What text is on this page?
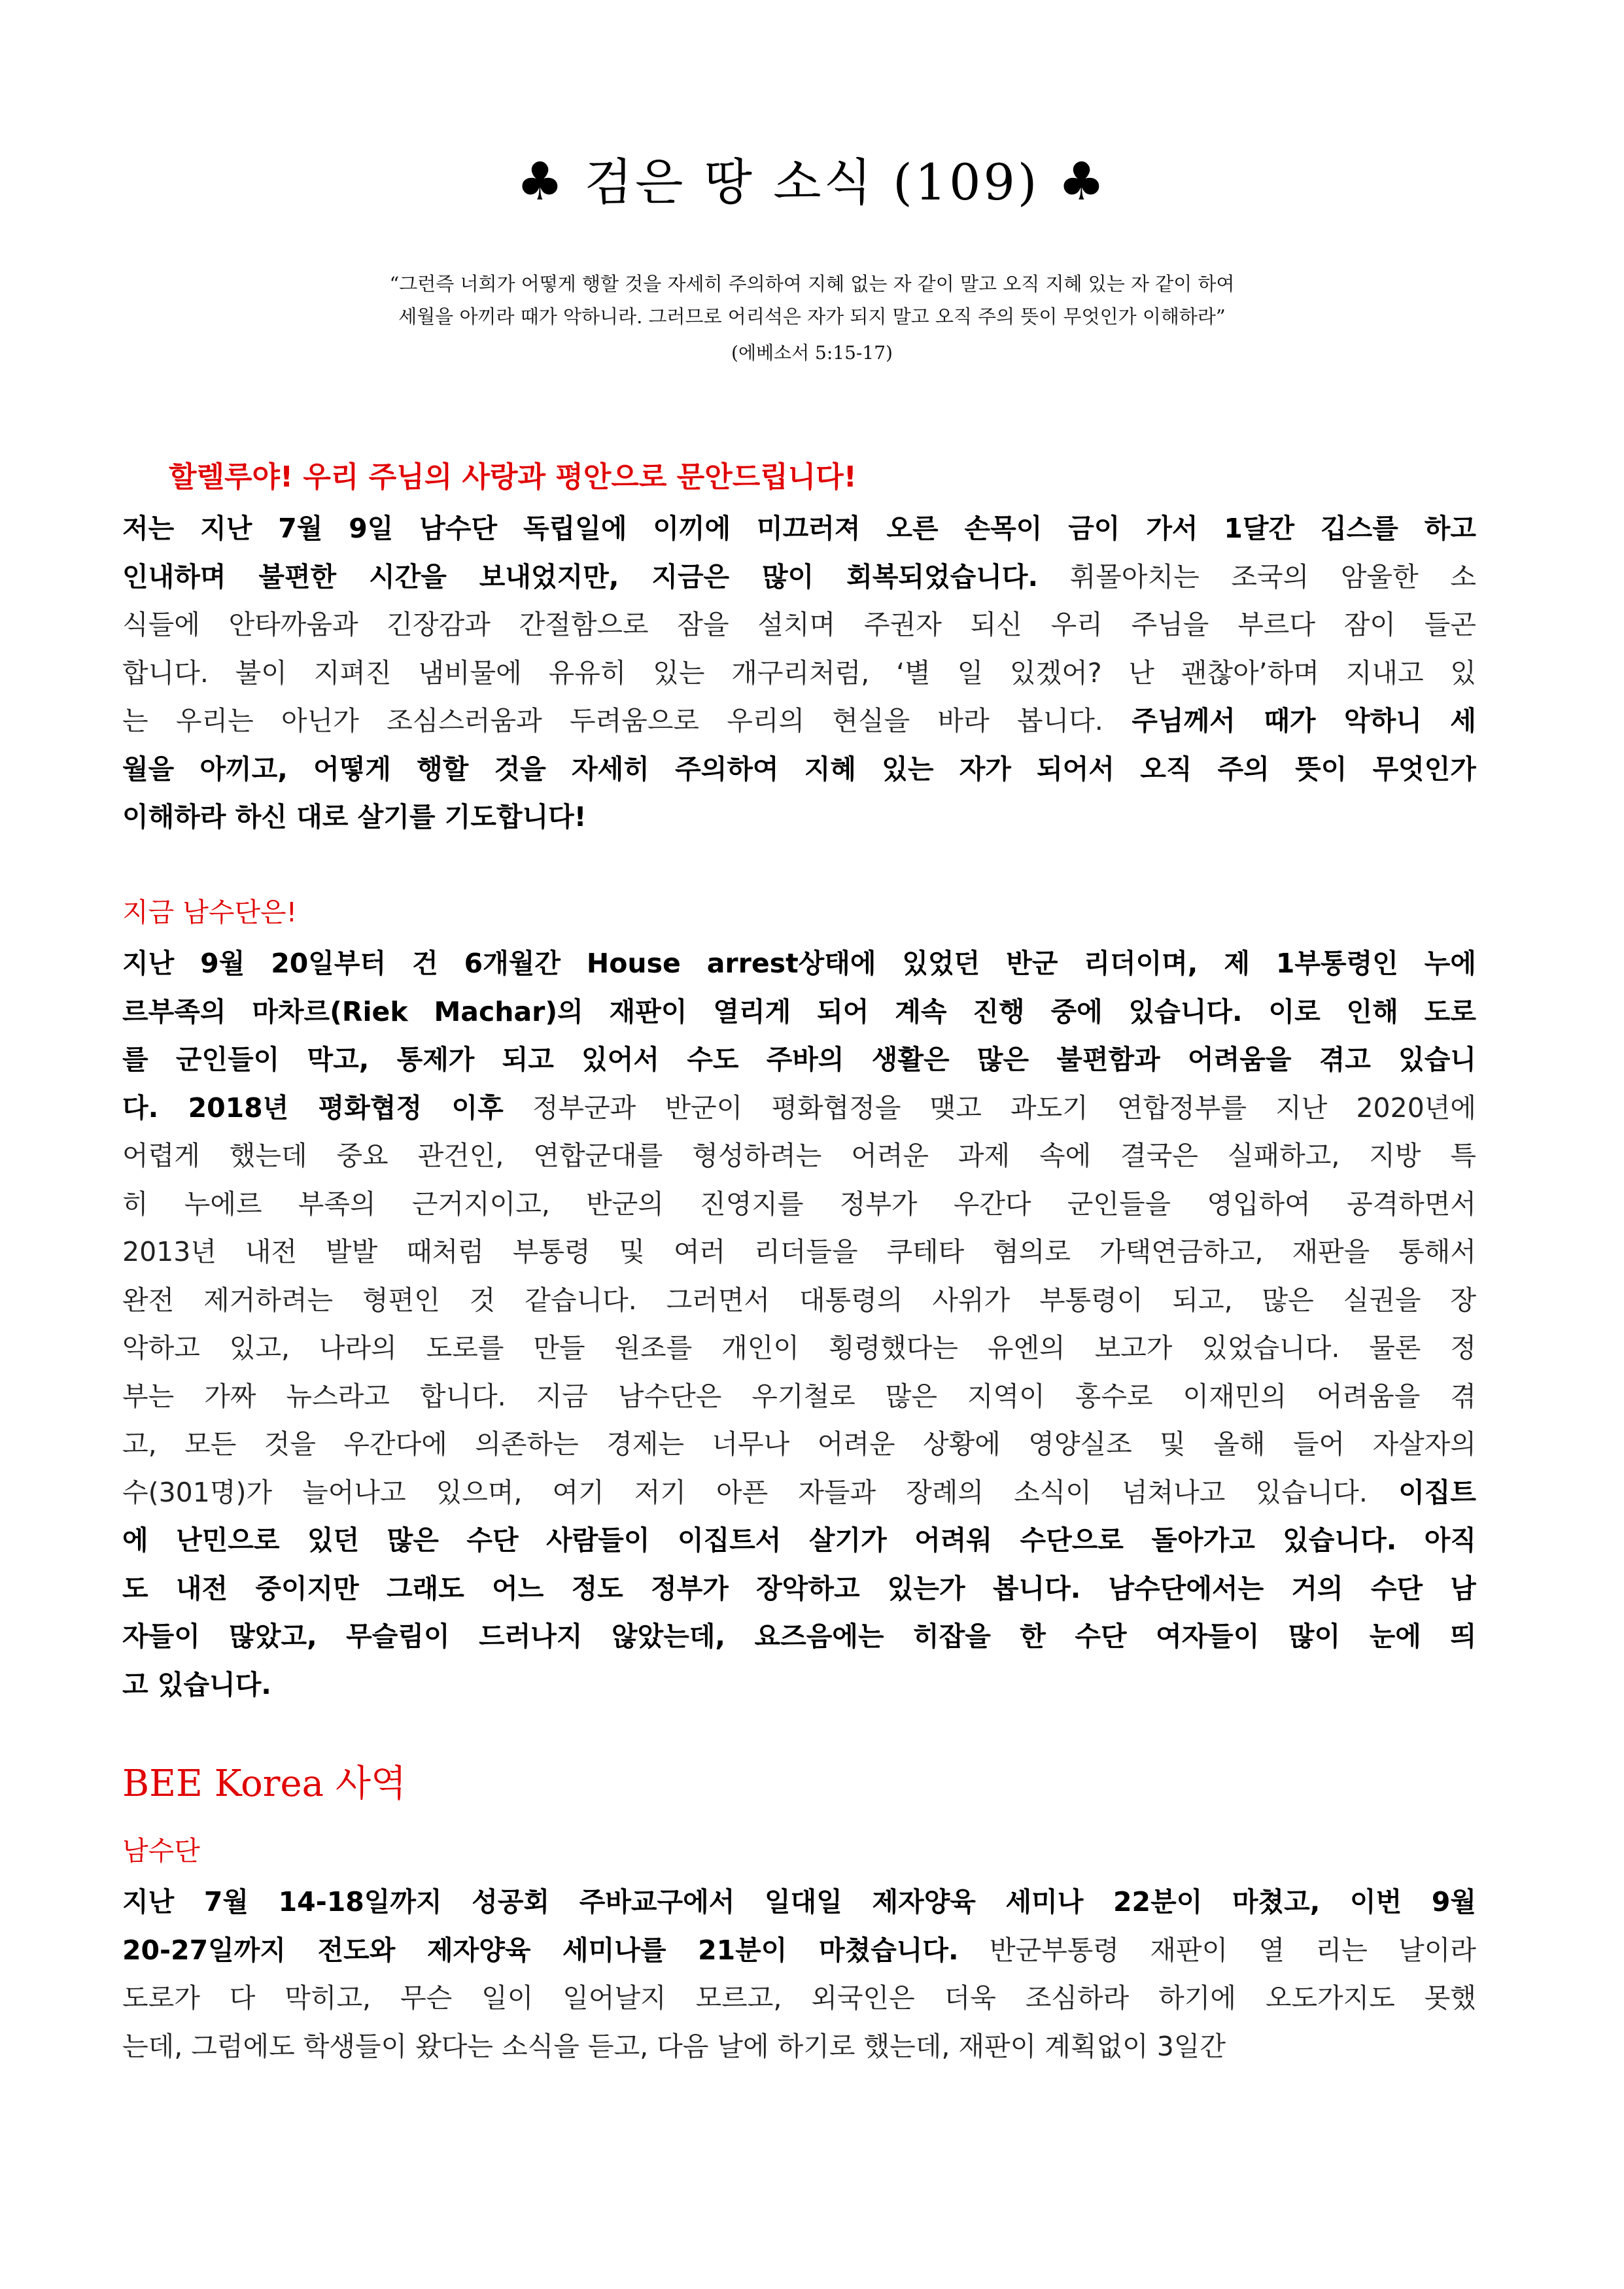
♣ 검은 땅 소식 (109) ♣
“그런즉 너희가 어떻게 행할 것을 자세히 주의하여 지혜 없는 자 같이 말고 오직 지혜 있는 자 같이 하여
세월을 아끼라 때가 악하니라. 그러므로 어리석은 자가 되지 말고 오직 주의 뜻이 무엇인가 이해하라”
(에베소서 5:15-17)
할렐루야! 우리 주님의 사랑과 평안으로 문안드립니다!
저는 지난 7월 9일 남수단 독립일에 이끼에 미끄러져 오른 손목이 금이 가서 1달간 깁스를 하고
인내하며 불편한 시간을 보내었지만, 지금은 많이 회복되었습니다. 휘몰아치는 조국의 암울한 소
식들에 안타까움과 긴장감과 간절함으로 잠을 설치며 주권자 되신 우리 주님을 부르다 잠이 들곤
합니다. 불이 지펴진 냄비물에 유유히 있는 개구리처럼, ‘별 일 있겠어? 난 괜찮아’하며 지내고 있
는 우리는 아닌가 조심스러움과 두려움으로 우리의 현실을 바라 봅니다. 주님께서 때가 악하니 세
월을 아끼고, 어떻게 행할 것을 자세히 주의하여 지혜 있는 자가 되어서 오직 주의 뜻이 무엇인가
이해하라 하신 대로 살기를 기도합니다!
지금 남수단은!
지난 9월 20일부터 건 6개월간 House arrest상태에 있었던 반군 리더이며, 제 1부통령인 누에
르부족의 마차르(Riek Machar)의 재판이 열리게 되어 계속 진행 중에 있습니다. 이로 인해 도로
를 군인들이 막고, 통제가 되고 있어서 수도 주바의 생활은 많은 불편함과 어려움을 겪고 있습니
다. 2018년 평화협정 이후 정부군과 반군이 평화협정을 맺고 과도기 연합정부를 지난 2020년에
어렵게 했는데 중요 관건인, 연합군대를 형성하려는 어려운 과제 속에 결국은 실패하고, 지방 특
히 누에르 부족의 근거지이고, 반군의 진영지를 정부가 우간다 군인들을 영입하여 공격하면서
2013년 내전 발발 때처럼 부통령 및 여러 리더들을 쿠테타 혐의로 가택연금하고, 재판을 통해서
완전 제거하려는 형편인 것 같습니다. 그러면서 대통령의 사위가 부통령이 되고, 많은 실권을 장
악하고 있고, 나라의 도로를 만들 원조를 개인이 횡령했다는 유엔의 보고가 있었습니다. 물론 정
부는 가짜 뉴스라고 합니다. 지금 남수단은 우기철로 많은 지역이 홍수로 이재민의 어려움을 겪
고, 모든 것을 우간다에 의존하는 경제는 너무나 어려운 상황에 영양실조 및 올해 들어 자살자의
수(301명)가 늘어나고 있으며, 여기 저기 아픈 자들과 장례의 소식이 넘쳐나고 있습니다. 이집트
에 난민으로 있던 많은 수단 사람들이 이집트서 살기가 어려워 수단으로 돌아가고 있습니다. 아직
도 내전 중이지만 그래도 어느 정도 정부가 장악하고 있는가 봅니다. 남수단에서는 거의 수단 남
자들이 많았고, 무슬림이 드러나지 않았는데, 요즈음에는 히잡을 한 수단 여자들이 많이 눈에 띄
고 있습니다.
BEE Korea 사역
남수단
지난 7월 14-18일까지 성공회 주바교구에서 일대일 제자양육 세미나 22분이 마쳤고, 이번 9월
20-27일까지 전도와 제자양육 세미나를 21분이 마쳤습니다. 반군부통령 재판이 열 리는 날이라
도로가 다 막히고, 무슨 일이 일어날지 모르고, 외국인은 더욱 조심하라 하기에 오도가지도 못했
는데, 그럼에도 학생들이 왔다는 소식을 듣고, 다음 날에 하기로 했는데, 재판이 계획없이 3일간
